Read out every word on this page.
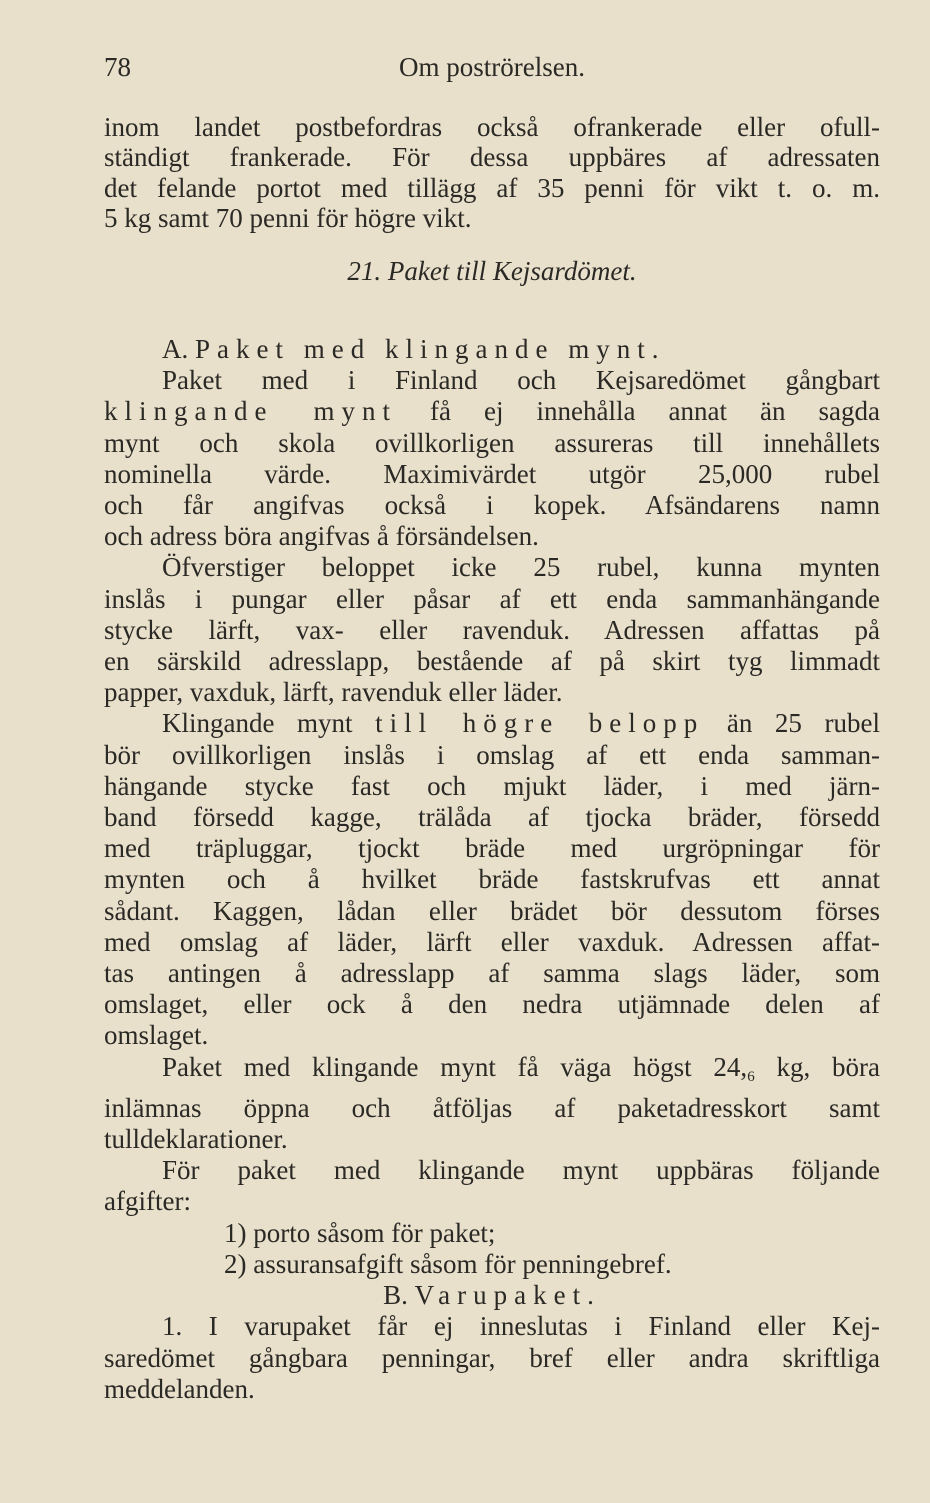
78	Om poströrelsen.
inom landet postbefordras också ofrankerade eller ofull-
ständigt frankerade. För dessa uppbäres af adressaten
det felande portot med tillägg af 35 penni för vikt t. o. m.
5 kg samt 70 penni för högre vikt.
21. Paket till Kejsardömet.
A. Paket med klingande mynt.
Paket med i Finland och Kejsaredömet gångbart
klingande mynt få ej innehålla annat än sagda
mynt och skola ovillkorligen assureras till innehållets
nominella värde. Maximivärdet utgör 25,000 rubel
och får angifvas också i kopek. Afsändarens namn
och adress böra angifvas å försändelsen.
Öfverstiger beloppet icke 25 rubel, kunna mynten
inslås i pungar eller påsar af ett enda sammanhängande
stycke lärft, vax- eller ravenduk. Adressen affattas på
en särskild adresslapp, bestående af på skirt tyg limmadt
papper, vaxduk, lärft, ravenduk eller läder.
Klingande mynt till högre belopp än 25 rubel
bör ovillkorligen inslås i omslag af ett enda samman-
hängande stycke fast och mjukt läder, i med järn-
band försedd kagge, trälåda af tjocka bräder, försedd
med träpluggar, tjockt bräde med urgröpningar för
mynten och å hvilket bräde fastskrufvas ett annat
sådant. Kaggen, lådan eller brädet bör dessutom förses
med omslag af läder, lärft eller vaxduk. Adressen affat-
tas antingen å adresslapp af samma slags läder, som
omslaget, eller ock å den nedra utjämnade delen af
omslaget.
Paket med klingande mynt få väga högst $24,_6$ kg, böra
inlämnas öppna och åtföljas af paketadresskort samt
tulldeklarationer.
För paket med klingande mynt uppbäras följande
afgifter:
1) porto såsom för paket;
2) assuransafgift såsom för penningebref.
B. Varupaket.
1. I varupaket får ej inneslutas i Finland eller Kej-
saredömet gångbara penningar, bref eller andra skriftliga
meddelanden.
